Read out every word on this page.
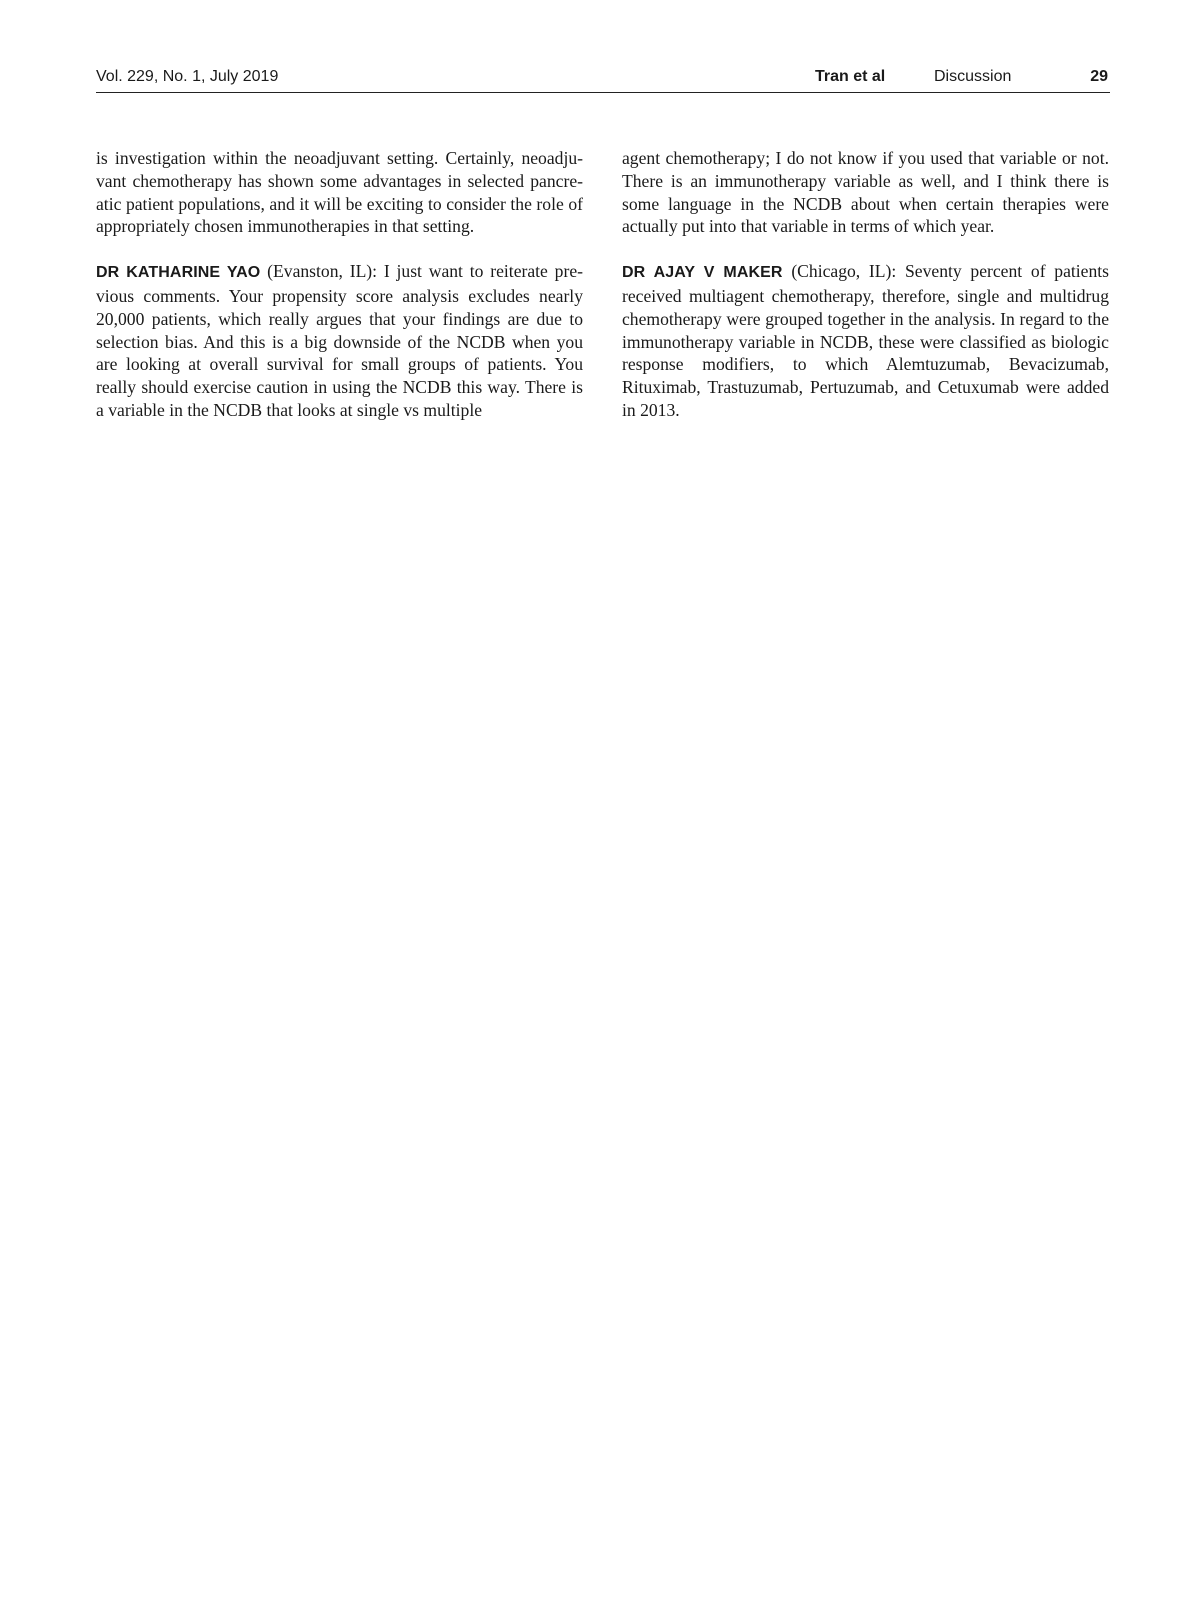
Vol. 229, No. 1, July 2019	Tran et al	Discussion	29

is investigation within the neoadjuvant setting. Certainly, neoadjuvant chemotherapy has shown some advantages in selected pancreatic patient populations, and it will be exciting to consider the role of appropriately chosen immunotherapies in that setting.

DR KATHARINE YAO (Evanston, IL): I just want to reiterate previous comments. Your propensity score analysis excludes nearly 20,000 patients, which really argues that your findings are due to selection bias. And this is a big downside of the NCDB when you are looking at overall survival for small groups of patients. You really should exercise caution in using the NCDB this way. There is a variable in the NCDB that looks at single vs multiple

agent chemotherapy; I do not know if you used that variable or not. There is an immunotherapy variable as well, and I think there is some language in the NCDB about when certain therapies were actually put into that variable in terms of which year.

DR AJAY V MAKER (Chicago, IL): Seventy percent of patients received multiagent chemotherapy, therefore, single and multidrug chemotherapy were grouped together in the analysis. In regard to the immunotherapy variable in NCDB, these were classified as biologic response modifiers, to which Alemtuzumab, Bevacizumab, Rituximab, Trastuzumab, Pertuzumab, and Cetuxumab were added in 2013.
